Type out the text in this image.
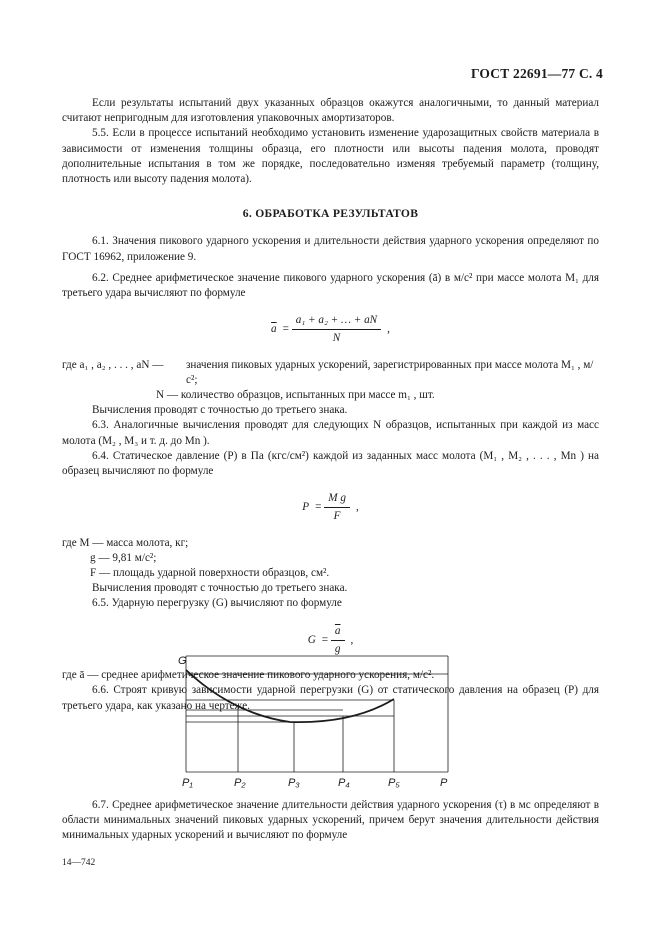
ГОСТ 22691—77 С. 4

Если результаты испытаний двух указанных образцов окажутся аналогичными, то данный материал считают непригодным для изготовления упаковочных амортизаторов.

5.5. Если в процессе испытаний необходимо установить изменение ударозащитных свойств материала в зависимости от изменения толщины образца, его плотности или высоты падения молота, проводят дополнительные испытания в том же порядке, последовательно изменяя требуемый параметр (толщину, плотность или высоту падения молота).

6. ОБРАБОТКА РЕЗУЛЬТАТОВ

6.1. Значения пикового ударного ускорения и длительности действия ударного ускорения определяют по ГОСТ 16962, приложение 9.

6.2. Среднее арифметическое значение пикового ударного ускорения (ā) в м/с² при массе молота M₁ для третьего удара вычисляют по формуле

$\overline{a}$ =
$\frac{\text{a₁ + a₂ + … + aN}}{N}$ ,
где a₁ , a₂ , . . . , aN —	значения пиковых ударных ускорений, зарегистрированных при массе молота M₁ , м/с²;

N — количество образцов, испытанных при массе m₁ , шт.

Вычисления проводят с точностью до третьего знака.

6.3. Аналогичные вычисления проводят для следующих N образцов, испытанных при каждой из масс молота (M₂ , M₃ и т. д. до Mn ).

6.4. Статическое давление (P) в Па (кгс/см²) каждой из заданных масс молота (M₁ , M₂ , . . . , Mn ) на образец вычисляют по формуле

P =
$\frac{\text{M g}}{F}$ ,

где M — масса молота, кг;

g — 9,81 м/с²;

F — площадь ударной поверхности образцов, см².

Вычисления проводят с точностью до третьего знака.

6.5. Ударную перегрузку (G) вычисляют по формуле

G =
$\frac{\overline{a}}{g}$ ,

где ā — среднее арифметическое значение пикового ударного ускорения, м/с².

6.6. Строят кривую зависимости ударной перегрузки (G) от статического давления на образец (P) для третьего удара, как указано на чертеже.

G
P₁	P₂	P₃	P₄	P₅	P

6.7. Среднее арифметическое значение длительности действия ударного ускорения (τ) в мс определяют в области минимальных значений пиковых ударных ускорений, причем берут значения длительности действия минимальных ударных ускорений и вычисляют по формуле

14—742
